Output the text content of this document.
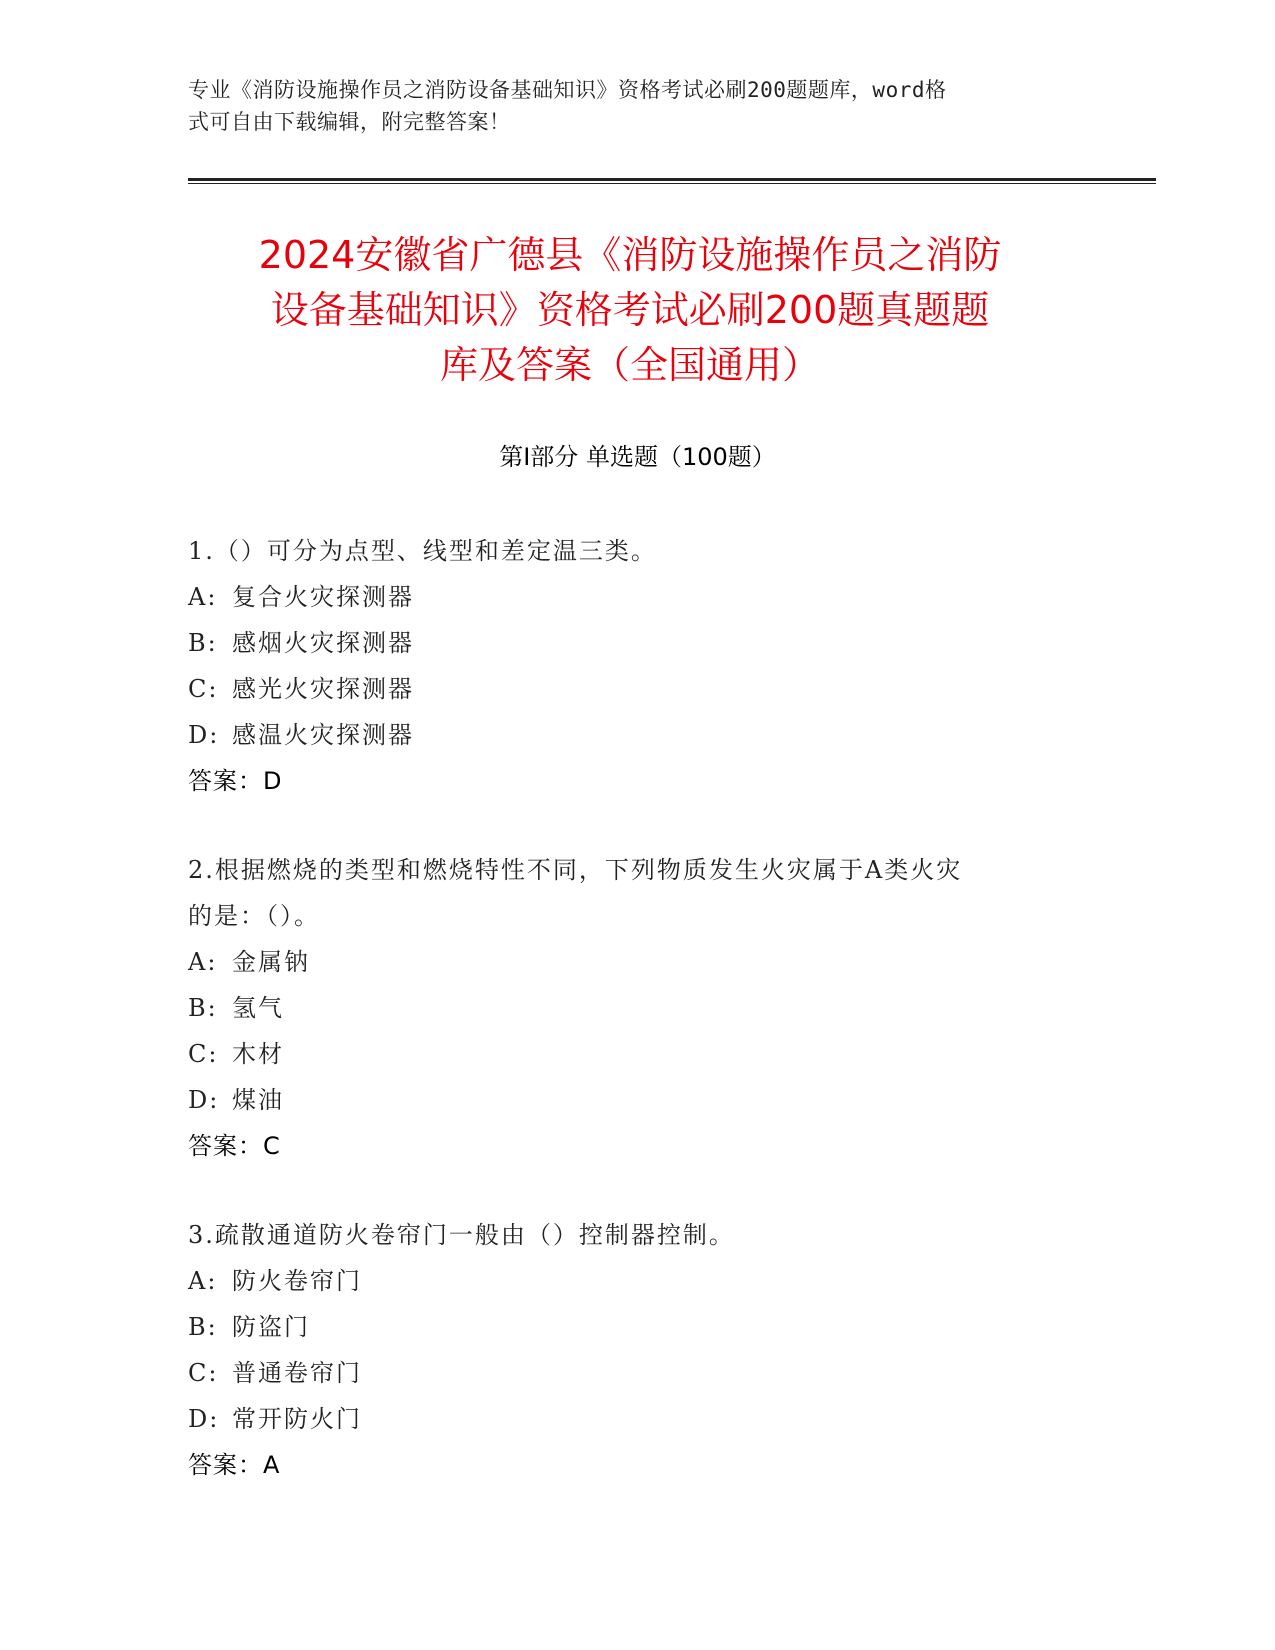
专业《消防设施操作员之消防设备基础知识》资格考试必刷200题题库，word格
式可自由下载编辑，附完整答案！
2024安徽省广德县《消防设施操作员之消防
设备基础知识》资格考试必刷200题真题题
库及答案（全国通用）
第Ⅰ部分 单选题（100题）
1.（）可分为点型、线型和差定温三类。
A: 复合火灾探测器
B: 感烟火灾探测器
C: 感光火灾探测器
D: 感温火灾探测器
答案：D
2.根据燃烧的类型和燃烧特性不同，下列物质发生火灾属于A类火灾
的是：（）。
A: 金属钠
B: 氢气
C: 木材
D: 煤油
答案：C
3.疏散通道防火卷帘门一般由（）控制器控制。
A: 防火卷帘门
B: 防盗门
C: 普通卷帘门
D: 常开防火门
答案：A
